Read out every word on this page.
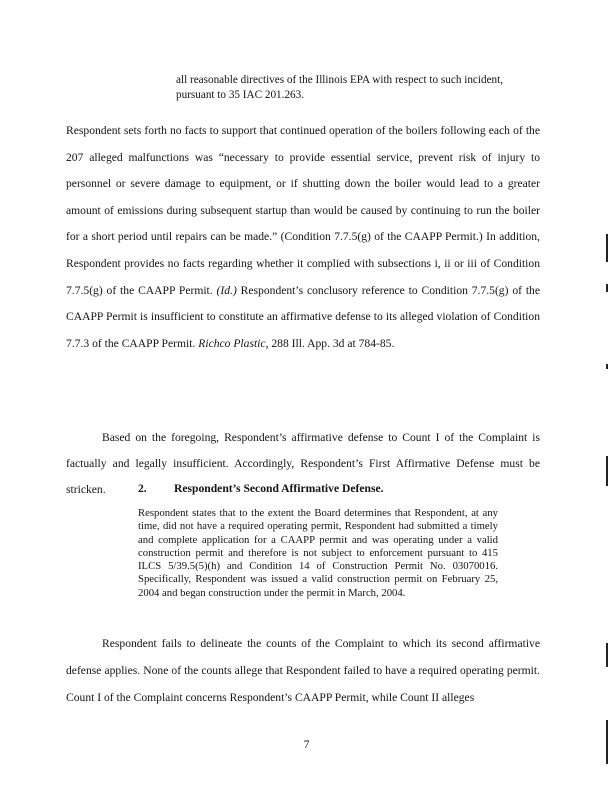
all reasonable directives of the Illinois EPA with respect to such incident, pursuant to 35 IAC 201.263.

Respondent sets forth no facts to support that continued operation of the boilers following each of the 207 alleged malfunctions was “necessary to provide essential service, prevent risk of injury to personnel or severe damage to equipment, or if shutting down the boiler would lead to a greater amount of emissions during subsequent startup than would be caused by continuing to run the boiler for a short period until repairs can be made.” (Condition 7.7.5(g) of the CAAPP Permit.) In addition, Respondent provides no facts regarding whether it complied with subsections i, ii or iii of Condition 7.7.5(g) of the CAAPP Permit. (Id.) Respondent’s conclusory reference to Condition 7.7.5(g) of the CAAPP Permit is insufficient to constitute an affirmative defense to its alleged violation of Condition 7.7.3 of the CAAPP Permit. Richco Plastic, 288 Ill. App. 3d at 784-85.

Based on the foregoing, Respondent’s affirmative defense to Count I of the Complaint is factually and legally insufficient. Accordingly, Respondent’s First Affirmative Defense must be stricken.	2. Respondent’s Second Affirmative Defense.

Respondent states that to the extent the Board determines that Respondent, at any time, did not have a required operating permit, Respondent had submitted a timely and complete application for a CAAPP permit and was operating under a valid construction permit and therefore is not subject to enforcement pursuant to 415 ILCS 5/39.5(5)(h) and Condition 14 of Construction Permit No. 03070016. Specifically, Respondent was issued a valid construction permit on February 25, 2004 and began construction under the permit in March, 2004.

Respondent fails to delineate the counts of the Complaint to which its second affirmative defense applies. None of the counts allege that Respondent failed to have a required operating permit. Count I of the Complaint concerns Respondent’s CAAPP Permit, while Count II alleges

7
